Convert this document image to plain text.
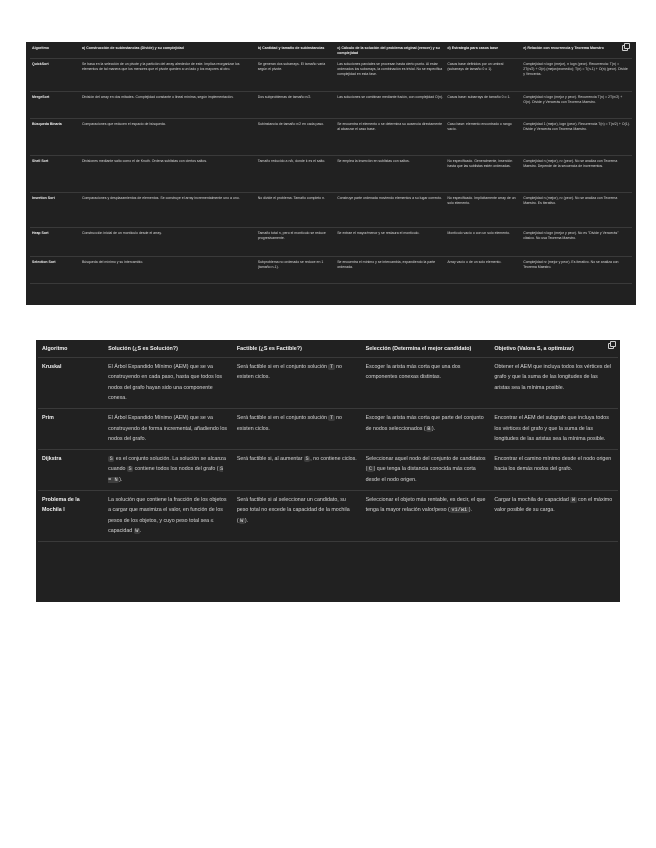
Algoritmo	a) Construcción de subinstancias (Divide) y su complejidad	b) Cantidad y tamaño de subinstancias	c) Cálculo de la solución del problema original (vencer) y su complejidad	d) Estrategia para casos base	e) Relación con recurrencia y Teorema Maestro

QuickSort	Se basa en la selección de un pivote y la partición del array alrededor de este. Implica reorganizar los elementos de tal manera que los menores que el pivote queden a un lado y los mayores al otro.	Se generan dos subarrays. El tamaño varía según el pivote.	Las soluciones parciales se procesan hasta cierto punto. Al estar ordenados los subarrays, la combinación es trivial. No se especifica complejidad en esta fase.	Casos base definidos por un umbral (subarrays de tamaño 0 o 1).	Complejidad n logn (mejor), n logn (peor). Recurrencia: T(n) = 2T(n/2) + O(n) (mejor/promedio); T(n) = T(n-1) + O(n) (peor). Divide y Vencerás.
MergeSort	División del array en dos mitades. Complejidad constante o lineal mínima, según implementación.	Dos subproblemas de tamaño n/2.	Las soluciones se combinan mediante fusión, con complejidad O(n).	Casos base: subarrays de tamaño 0 o 1.	Complejidad n logn (mejor y peor). Recurrencia T(n) = 2T(n/2) + O(n). Divide y Vencerás con Teorema Maestro.
Búsqueda Binaria	Comparaciones que reducen el espacio de búsqueda.	Subinstancia de tamaño n/2 en cada paso.	Se encuentra el elemento o se determina su ausencia directamente al alcanzar el caso base.	Caso base: elemento encontrado o rango vacío.	Complejidad 1 (mejor), logn (peor). Recurrencia T(n) = T(n/2) + O(1). Divide y Vencerás con Teorema Maestro.
Shell Sort	Divisiones mediante salto como el de Knuth. Ordena sublistas con ciertos saltos.	Tamaño reducido a n/k, donde k es el salto.	Se emplea la inserción en sublistas con saltos.	No especificado. Generalmente, inserción hasta que las sublistas estén ordenadas.	Complejidad n (mejor), n² (peor). No se analiza con Teorema Maestro. Depende de la secuencia de incrementos.
Insertion Sort	Comparaciones y desplazamientos de elementos. Se construye el array incrementalmente uno a uno.	No divide el problema. Tamaño completo n.	Construye parte ordenada moviendo elementos a su lugar correcto.	No especificado. Implícitamente array de un solo elemento.	Complejidad n (mejor), n² (peor). No se analiza con Teorema Maestro. Es iterativo.
Heap Sort	Construcción inicial de un montículo desde el array.	Tamaño total n, pero el montículo se reduce progresivamente.	Se extrae el mayor/menor y se restaura el montículo.	Montículo vacío o con un solo elemento.	Complejidad n logn (mejor y peor). No es "Divide y Vencerás" clásico. No usa Teorema Maestro.
Selection Sort	Búsqueda del mínimo y su intercambio.	Subproblema no ordenado se reduce en 1 (tamaño n-1).	Se encuentra el mínimo y se intercambia, expandiendo la parte ordenada.	Array vacío o de un solo elemento.	Complejidad n² (mejor y peor). Es iterativo. No se analiza con Teorema Maestro.
Algoritmo	Solución (¿S es Solución?)	Factible (¿S es Factible?)	Selección (Determina el mejor candidato)	Objetivo (Valora S, a optimizar)

Kruskal	El Árbol Expandido Mínimo (AEM) que se va construyendo en cada paso, hasta que todos los nodos del grafo hayan sido una componente conexa.	Será factible si en el conjunto solución T no existen ciclos.	Escoger la arista más corta que una dos componentes conexas distintas.	Obtener el AEM que incluya todos los vértices del grafo y que la suma de las longitudes de las aristas sea la mínima posible.
Prim	El Árbol Expandido Mínimo (AEM) que se va construyendo de forma incremental, añadiendo los nodos del grafo.	Será factible si en el conjunto solución T no existen ciclos.	Escoger la arista más corta que parte del conjunto de nodos seleccionados ( B ).	Encontrar el AEM del subgrafo que incluya todos los vértices del grafo y que la suma de las longitudes de las aristas sea la mínima posible.
Dijkstra	S es el conjunto solución. La solución se alcanza cuando S contiene todos los nodos del grafo ( S = N ).	Será factible si, al aumentar S , no contiene ciclos.	Seleccionar aquel nodo del conjunto de candidatos C ) que tenga la distancia conocida más corta desde el nodo origen.	Encontrar el camino mínimo desde el nodo origen hacia los demás nodos del grafo.
Problema de la Mochila I	La solución que contiene la fracción de los objetos a cargar que maximiza el valor, en función de los pesos de los objetos, y cuyo peso total sea ≤ capacidad W .	Será factible si al seleccionar un candidato, su peso total no excede la capacidad de la mochila ( W ).	Seleccionar el objeto más rentable, es decir, el que tenga la mayor relación valor/peso ( vi/wi ).	Cargar la mochila de capacidad W con el máximo valor posible de su carga.
